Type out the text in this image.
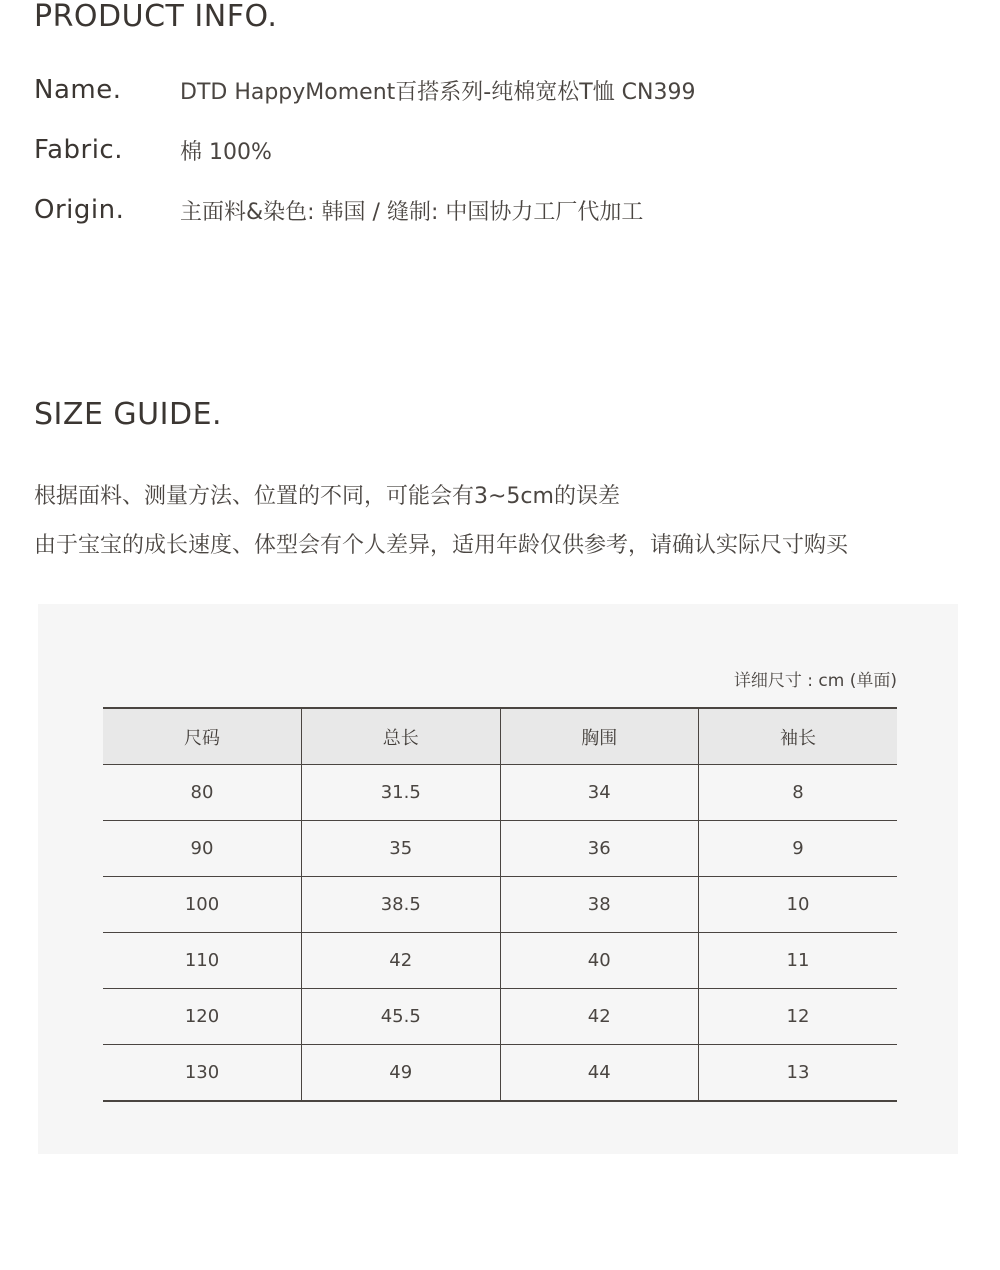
PRODUCT INFO.
Name.	DTD HappyMoment百搭系列-纯棉宽松T恤 CN399
Fabric.	棉 100%
Origin.	主面料&染色: 韩国 / 缝制: 中国协力工厂代加工
SIZE GUIDE.
根据面料、测量方法、位置的不同，可能会有3~5cm的误差
由于宝宝的成长速度、体型会有个人差异，适用年龄仅供参考，请确认实际尺寸购买
详细尺寸 : cm (单面)
尺码	总长	胸围	袖长
80	31.5	34	8
90	35	36	9
100	38.5	38	10
110	42	40	11
120	45.5	42	12
130	49	44	13
